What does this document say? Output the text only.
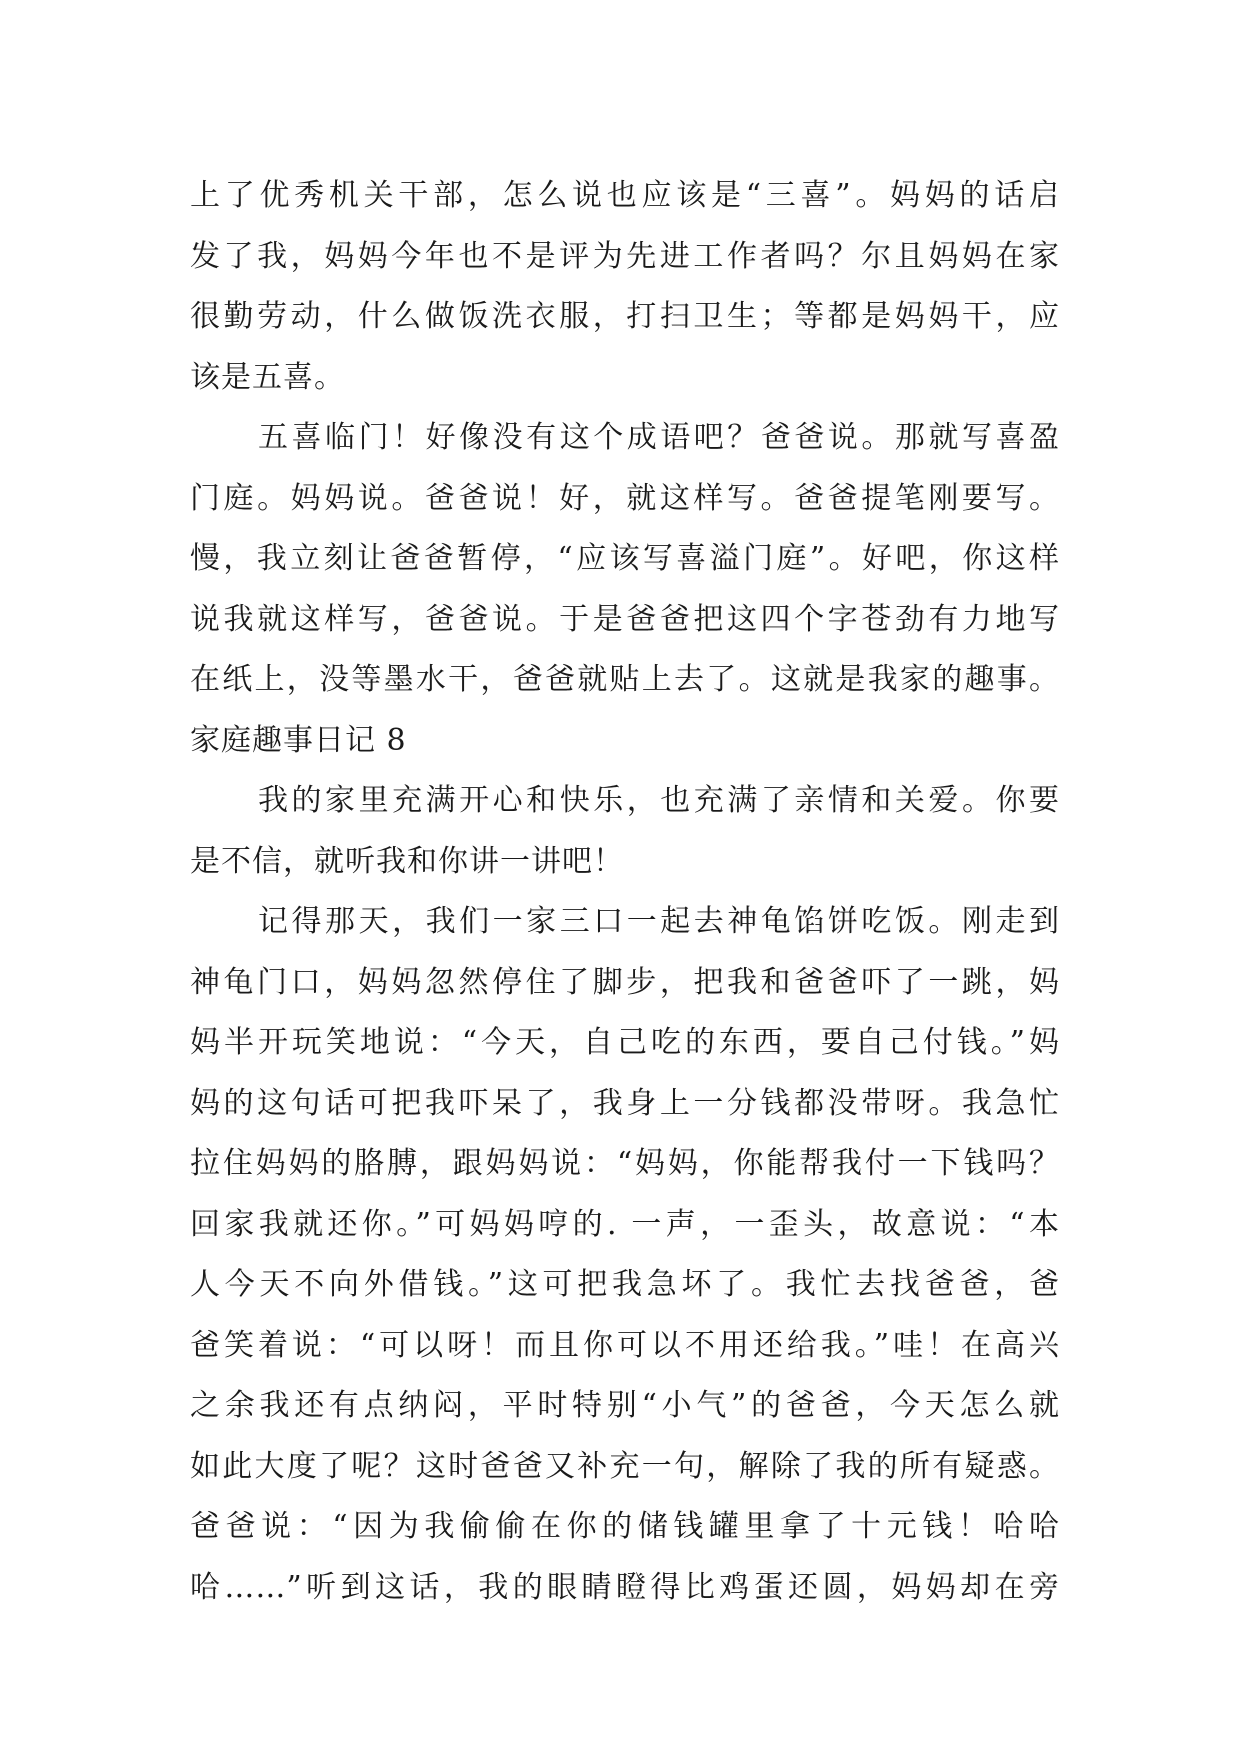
上了优秀机关干部，怎么说也应该是“三喜”。妈妈的话启
发了我，妈妈今年也不是评为先进工作者吗？尔且妈妈在家
很勤劳动，什么做饭洗衣服，打扫卫生；等都是妈妈干，应
该是五喜。
五喜临门！好像没有这个成语吧？爸爸说。那就写喜盈
门庭。妈妈说。爸爸说！好，就这样写。爸爸提笔刚要写。
慢，我立刻让爸爸暂停，“应该写喜溢门庭”。好吧，你这样
说我就这样写，爸爸说。于是爸爸把这四个字苍劲有力地写
在纸上，没等墨水干，爸爸就贴上去了。这就是我家的趣事。
家庭趣事日记 8
我的家里充满开心和快乐，也充满了亲情和关爱。你要
是不信，就听我和你讲一讲吧！
记得那天，我们一家三口一起去神龟馅饼吃饭。刚走到
神龟门口，妈妈忽然停住了脚步，把我和爸爸吓了一跳，妈
妈半开玩笑地说：“今天，自己吃的东西，要自己付钱。”妈
妈的这句话可把我吓呆了，我身上一分钱都没带呀。我急忙
拉住妈妈的胳膊，跟妈妈说：“妈妈，你能帮我付一下钱吗？
回家我就还你。”可妈妈哼的. 一声，一歪头，故意说：“本
人今天不向外借钱。”这可把我急坏了。我忙去找爸爸，爸
爸笑着说：“可以呀！而且你可以不用还给我。”哇！在高兴
之余我还有点纳闷，平时特别“小气”的爸爸，今天怎么就
如此大度了呢？这时爸爸又补充一句，解除了我的所有疑惑。
爸爸说：“因为我偷偷在你的储钱罐里拿了十元钱！哈哈
哈……”听到这话，我的眼睛瞪得比鸡蛋还圆，妈妈却在旁
